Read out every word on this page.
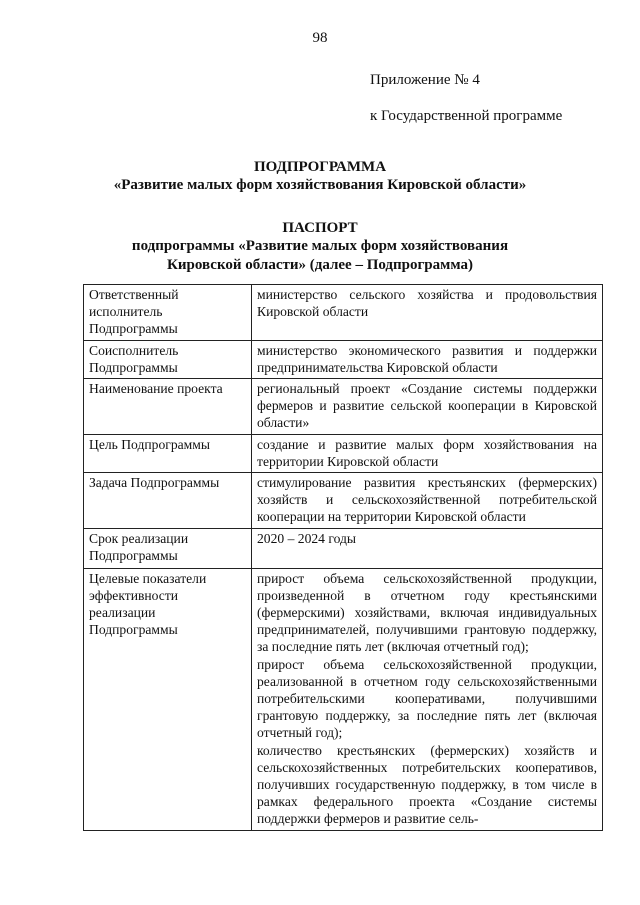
98
Приложение № 4
к Государственной программе
ПОДПРОГРАММА
«Развитие малых форм хозяйствования Кировской области»
ПАСПОРТ
подпрограммы «Развитие малых форм хозяйствования Кировской области» (далее – Подпрограмма)
Ответственный исполнитель Подпрограммы	министерство сельского хозяйства и продовольствия Кировской области

Соисполнитель Подпрограммы	министерство экономического развития и поддержки предпринимательства Кировской области

Наименование проекта	региональный проект «Создание системы поддержки фермеров и развитие сельской кооперации в Кировской области»

Цель Подпрограммы	создание и развитие малых форм хозяйствования на территории Кировской области

Задача Подпрограммы	стимулирование развития крестьянских (фермерских) хозяйств и сельскохозяйственной потребительской кооперации на территории Кировской области

Срок реализации Подпрограммы	2020 – 2024 годы

Целевые показатели эффективности реализации Подпрограммы	прирост объема сельскохозяйственной продукции, произведенной в отчетном году крестьянскими (фермерскими) хозяйствами, включая индивидуальных предпринимателей, получившими грантовую поддержку, за последние пять лет (включая отчетный год);

прирост объема сельскохозяйственной продукции, реализованной в отчетном году сельскохозяйственными потребительскими кооперативами, получившими грантовую поддержку, за последние пять лет (включая отчетный год);

количество крестьянских (фермерских) хозяйств и сельскохозяйственных потребительских кооперативов, получивших государственную поддержку, в том числе в рамках федерального проекта «Создание системы поддержки фермеров и развитие сель-
